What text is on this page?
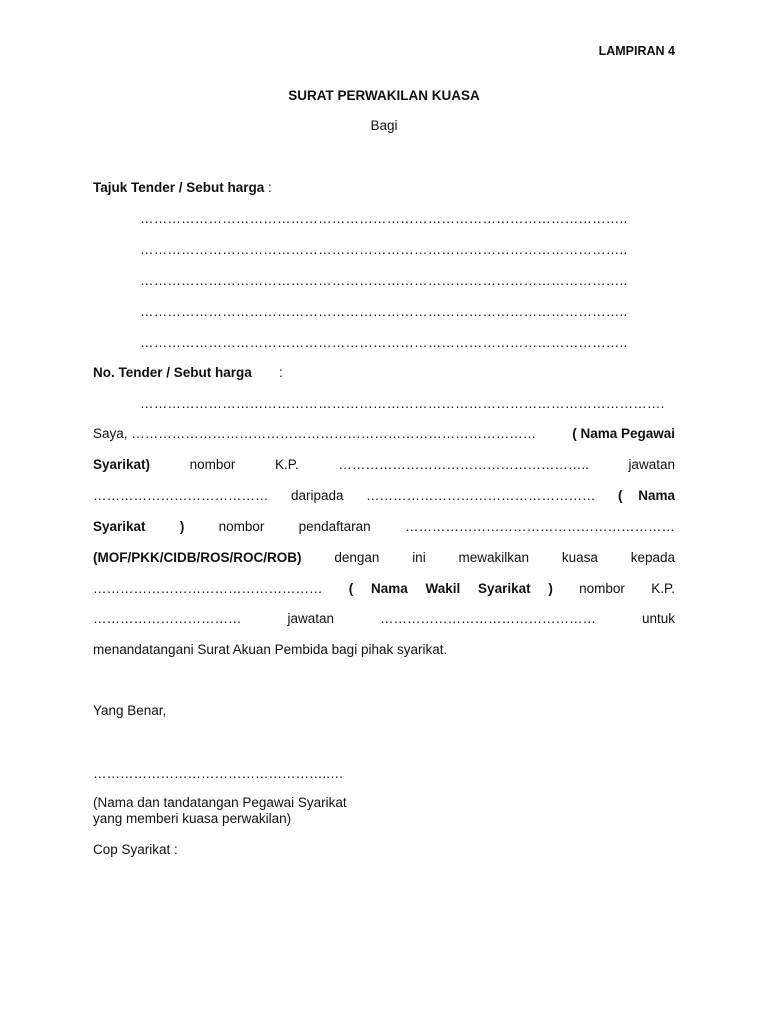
LAMPIRAN 4
SURAT PERWAKILAN KUASA
Bagi
Tajuk Tender / Sebut harga :
……………………………………………………………………………………………..
……………………………………………………………………………………………..
……………………………………………………………………………………………..
……………………………………………………………………………………………..
……………………………………………………………………………………………..
No. Tender / Sebut harga :
…………………………………………………………………………………………………….
Saya, ………………………………………………………………………………	( Nama Pegawai
Syarikat)	nombor	K.P.	………………………………………………..	jawatan
………………………………… daripada …………………………………………… ( Nama
Syarikat	)	nombor	pendaftaran	……………………………………………………
(MOF/PKK/CIDB/ROS/ROC/ROB) dengan ini mewakilkan kuasa kepada
…………………………………………… ( Nama Wakil Syarikat ) nombor K.P.
……………………………	jawatan	…………………………………………	untuk
menandatangani Surat Akuan Pembida bagi pihak syarikat.
Yang Benar,
……………………………………………..…
(Nama dan tandatangan Pegawai Syarikat
yang memberi kuasa perwakilan)
Cop Syarikat :
